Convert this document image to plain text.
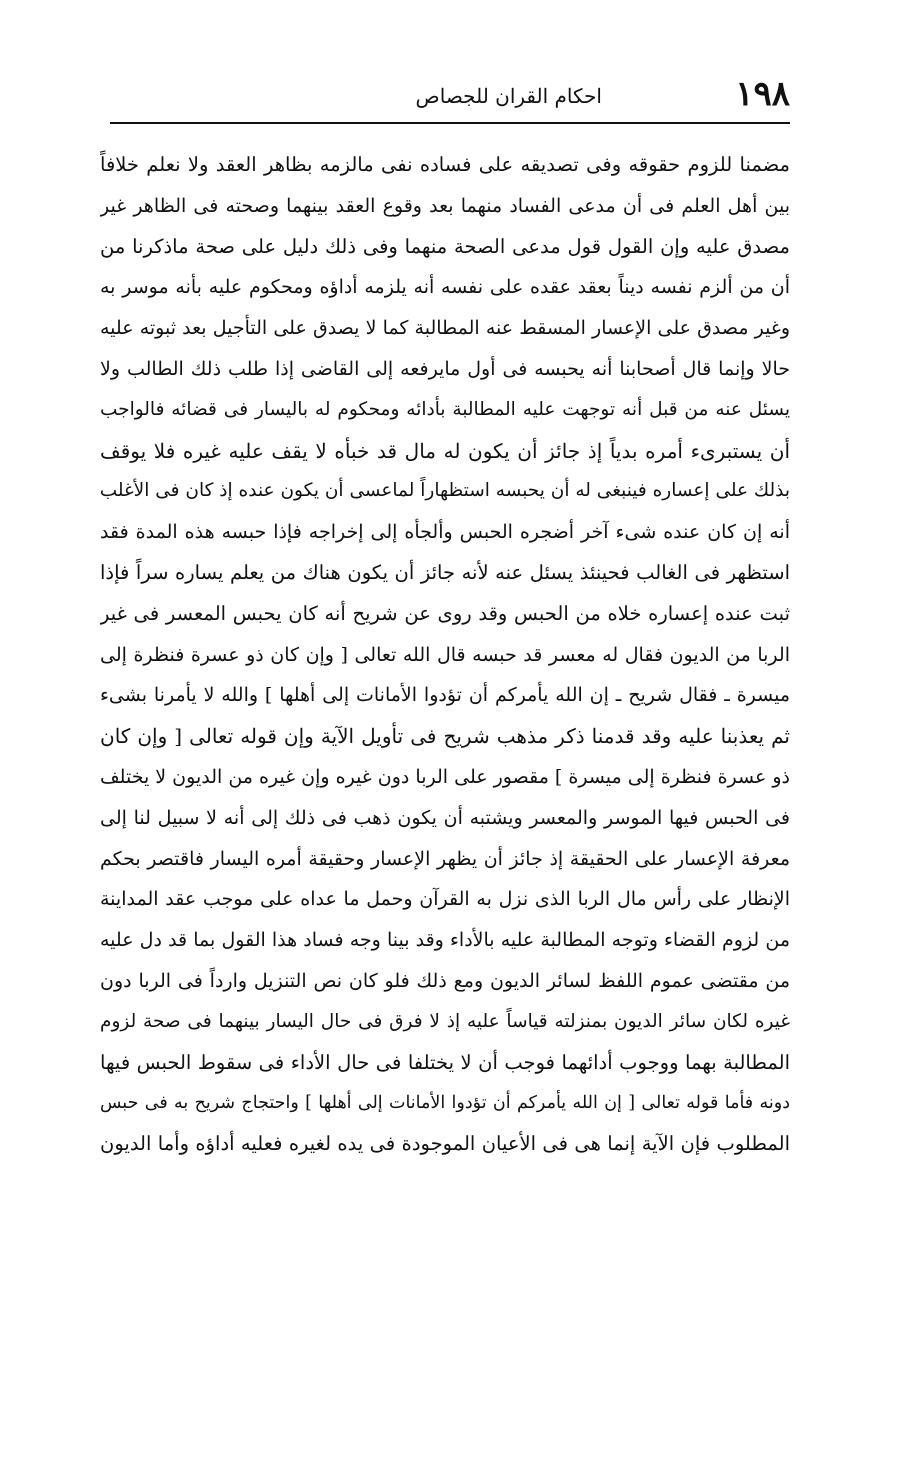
١٩٨
احكام القران للجصاص
مضمنا للزوم حقوقه وفى تصديقه على فساده نفى مالزمه بظاهر العقد ولا نعلم خلافاً
بين أهل العلم فى أن مدعى الفساد منهما بعد وقوع العقد بينهما وصحته فى الظاهر غير
مصدق عليه وإن القول قول مدعى الصحة منهما وفى ذلك دليل على صحة ماذكرنا من
أن من ألزم نفسه ديناً بعقد عقده على نفسه أنه يلزمه أداؤه ومحكوم عليه بأنه موسر به
وغير مصدق على الإعسار المسقط عنه المطالبة كما لا يصدق على التأجيل بعد ثبوته عليه
حالا وإنما قال أصحابنا أنه يحبسه فى أول مايرفعه إلى القاضى إذا طلب ذلك الطالب ولا
يسئل عنه من قبل أنه توجهت عليه المطالبة بأدائه ومحكوم له باليسار فى قضائه فالواجب
أن يستبرىء أمره بدياً إذ جائز أن يكون له مال قد خبأه لا يقف عليه غيره فلا يوقف
بذلك على إعساره فينبغى له أن يحبسه استظهاراً لماعسى أن يكون عنده إذ كان فى الأغلب
أنه إن كان عنده شىء آخر أضجره الحبس وألجأه إلى إخراجه فإذا حبسه هذه المدة فقد
استظهر فى الغالب فحينئذ يسئل عنه لأنه جائز أن يكون هناك من يعلم يساره سراً فإذا
ثبت عنده إعساره خلاه من الحبس وقد روى عن شريح أنه كان يحبس المعسر فى غير
الربا من الديون فقال له معسر قد حبسه قال الله تعالى [ وإن كان ذو عسرة فنظرة إلى
ميسرة ـ فقال شريح ـ إن الله يأمركم أن تؤدوا الأمانات إلى أهلها ] والله لا يأمرنا بشىء
ثم يعذبنا عليه وقد قدمنا ذكر مذهب شريح فى تأويل الآية وإن قوله تعالى [ وإن كان
ذو عسرة فنظرة إلى ميسرة ] مقصور على الربا دون غيره وإن غيره من الديون لا يختلف
فى الحبس فيها الموسر والمعسر ويشتبه أن يكون ذهب فى ذلك إلى أنه لا سبيل لنا إلى
معرفة الإعسار على الحقيقة إذ جائز أن يظهر الإعسار وحقيقة أمره اليسار فاقتصر بحكم
الإنظار على رأس مال الربا الذى نزل به القرآن وحمل ما عداه على موجب عقد المداينة
من لزوم القضاء وتوجه المطالبة عليه بالأداء وقد بينا وجه فساد هذا القول بما قد دل عليه
من مقتضى عموم اللفظ لسائر الديون ومع ذلك فلو كان نص التنزيل وارداً فى الربا دون
غيره لكان سائر الديون بمنزلته قياساً عليه إذ لا فرق فى حال اليسار بينهما فى صحة لزوم
المطالبة بهما ووجوب أدائهما فوجب أن لا يختلفا فى حال الأداء فى سقوط الحبس فيها
دونه فأما قوله تعالى [ إن الله يأمركم أن تؤدوا الأمانات إلى أهلها ] واحتجاج شريح به فى حبس
المطلوب فإن الآية إنما هى فى الأعيان الموجودة فى يده لغيره فعليه أداؤه وأما الديون
